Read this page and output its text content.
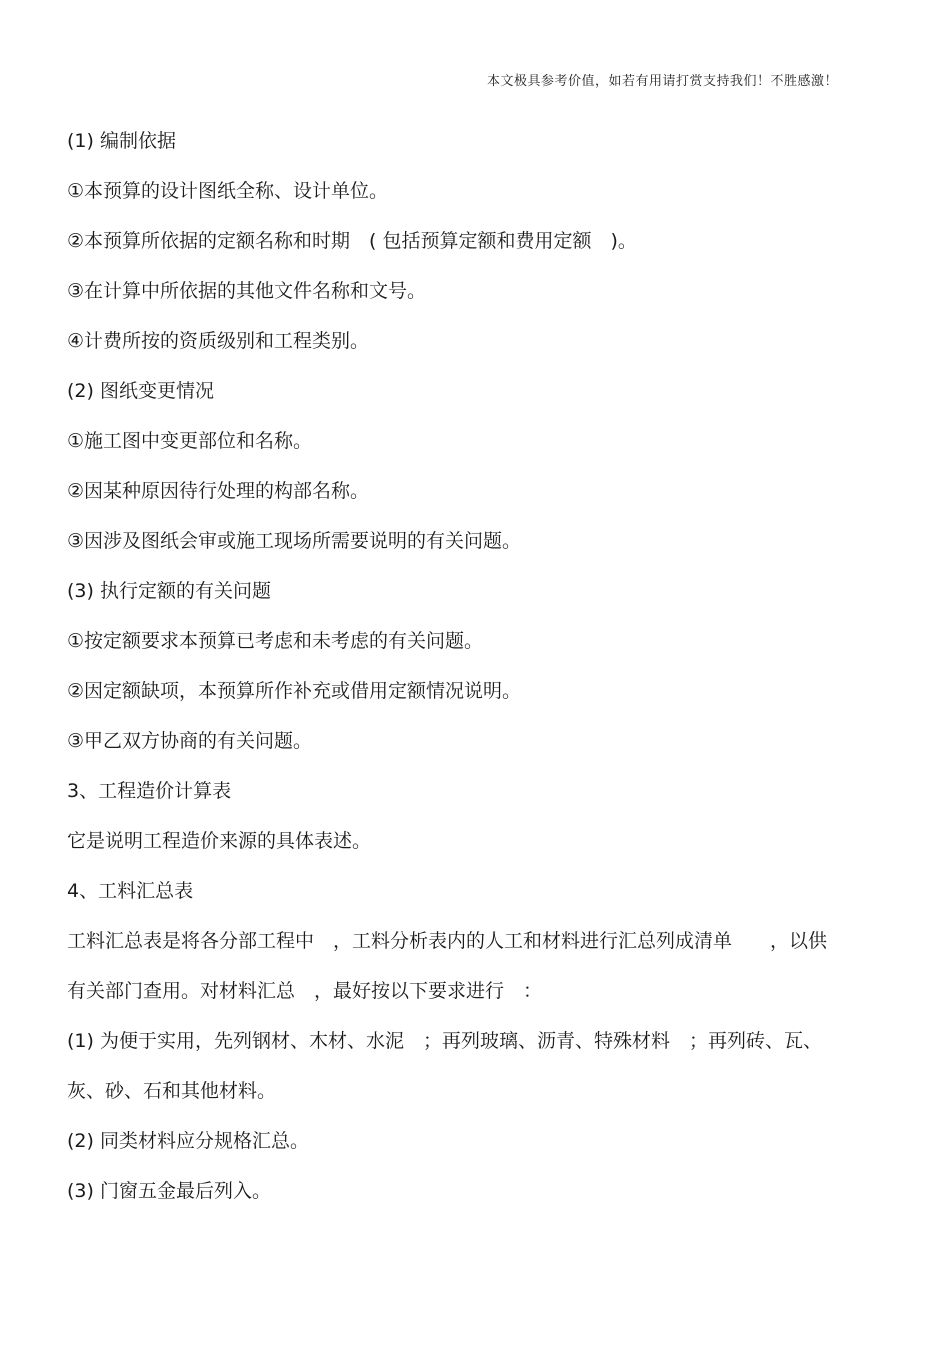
本文极具参考价值，如若有用请打赏支持我们！不胜感激！
(1) 编制依据
①本预算的设计图纸全称、设计单位。
②本预算所依据的定额名称和时期　( 包括预算定额和费用定额　)。
③在计算中所依据的其他文件名称和文号。
④计费所按的资质级别和工程类别。
(2) 图纸变更情况
①施工图中变更部位和名称。
②因某种原因待行处理的构部名称。
③因涉及图纸会审或施工现场所需要说明的有关问题。
(3) 执行定额的有关问题
①按定额要求本预算已考虑和未考虑的有关问题。
②因定额缺项，本预算所作补充或借用定额情况说明。
③甲乙双方协商的有关问题。
3、工程造价计算表
它是说明工程造价来源的具体表述。
4、工料汇总表
工料汇总表是将各分部工程中　，工料分析表内的人工和材料进行汇总列成清单　　，以供
有关部门查用。对材料汇总　，最好按以下要求进行　：
(1) 为便于实用，先列钢材、木材、水泥　；再列玻璃、沥青、特殊材料　；再列砖、瓦、
灰、砂、石和其他材料。
(2) 同类材料应分规格汇总。
(3) 门窗五金最后列入。
